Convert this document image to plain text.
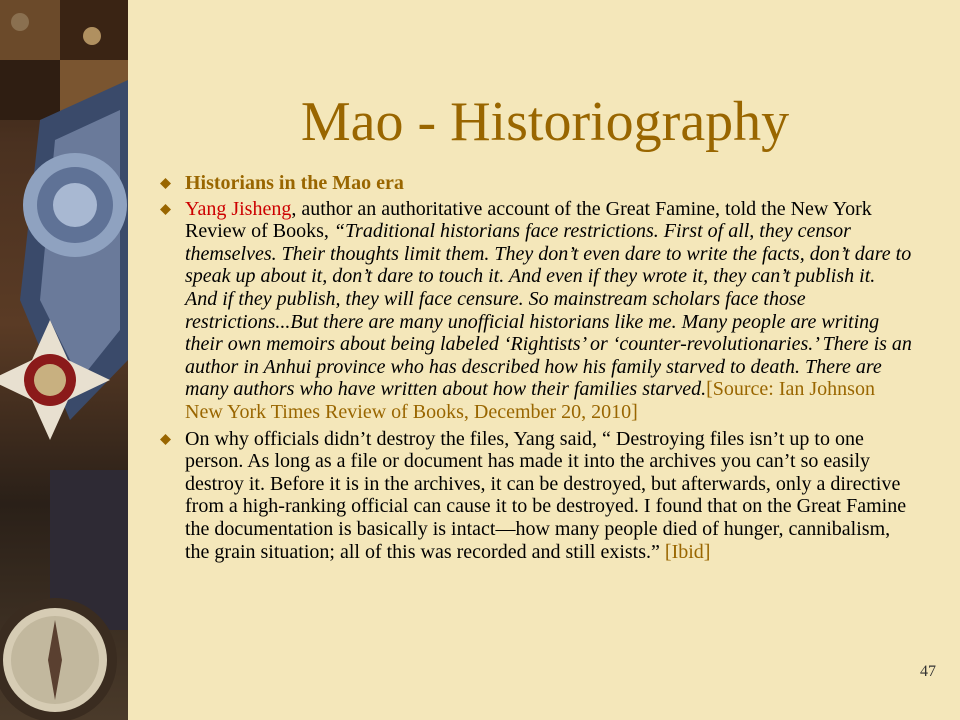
Mao - Historiography
Historians in the Mao era
Yang Jisheng, author an authoritative account of the Great Famine, told the New York Review of Books, “Traditional historians face restrictions. First of all, they censor themselves. Their thoughts limit them. They don’t even dare to write the facts, don’t dare to speak up about it, don’t dare to touch it. And even if they wrote it, they can’t publish it. And if they publish, they will face censure. So mainstream scholars face those restrictions...But there are many unofficial historians like me. Many people are writing their own memoirs about being labeled ‘Rightists’ or ‘counter-revolutionaries.’ There is an author in Anhui province who has described how his family starved to death. There are many authors who have written about how their families starved.[Source: Ian Johnson New York Times Review of Books, December 20, 2010]
On why officials didn’t destroy the files, Yang said, “ Destroying files isn’t up to one person. As long as a file or document has made it into the archives you can’t so easily destroy it. Before it is in the archives, it can be destroyed, but afterwards, only a directive from a high-ranking official can cause it to be destroyed. I found that on the Great Famine the documentation is basically is intact—how many people died of hunger, cannibalism, the grain situation; all of this was recorded and still exists.” [Ibid]
47
